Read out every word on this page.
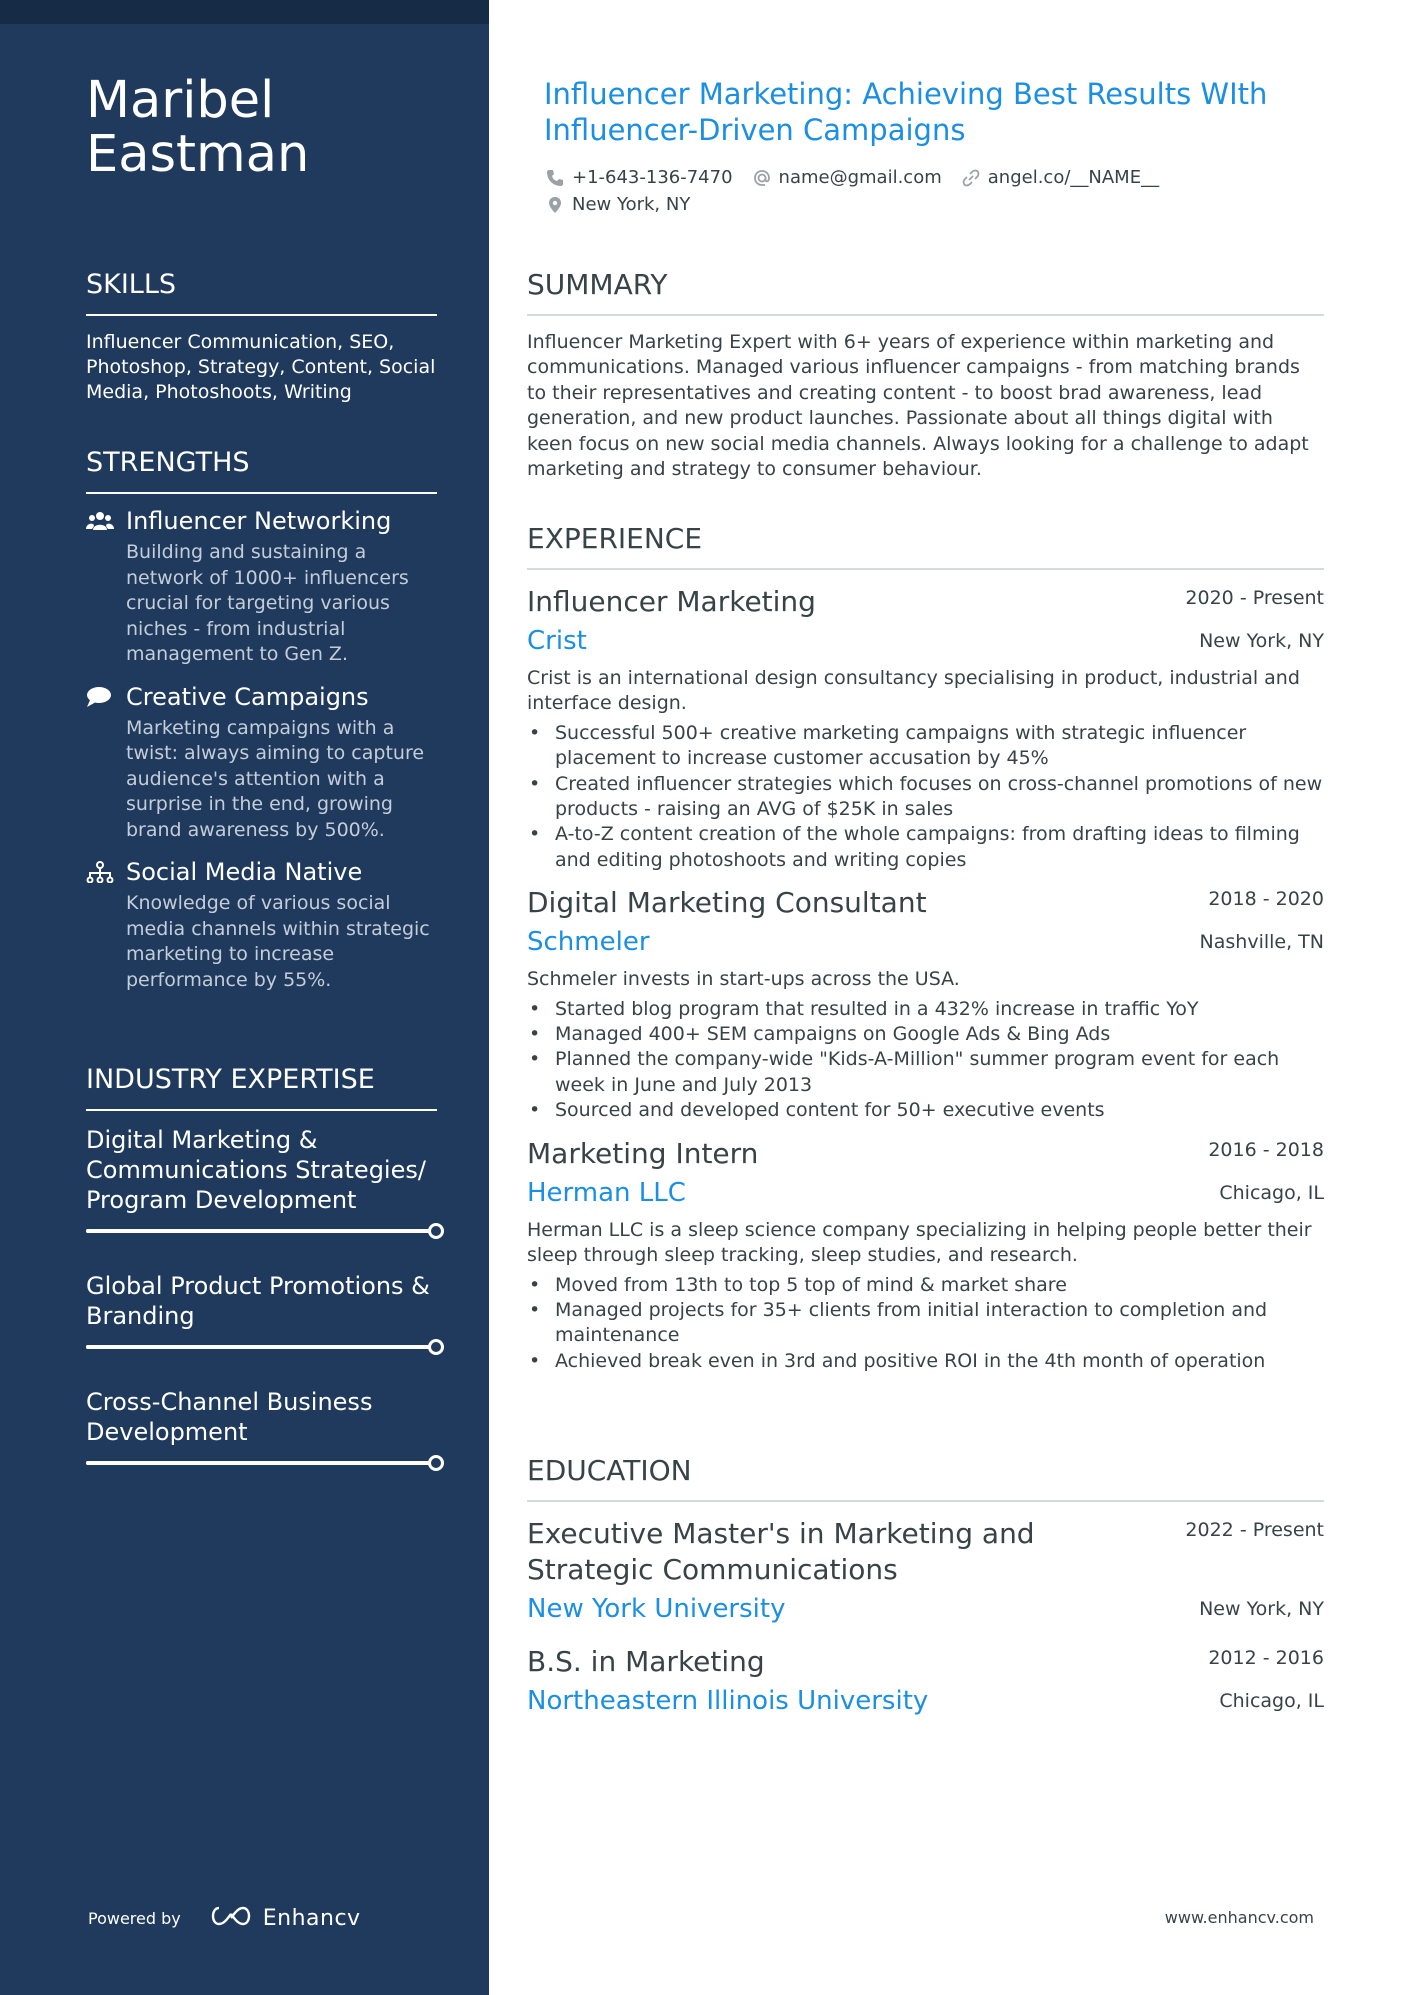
Maribel Eastman
SKILLS
Influencer Communication, SEO, Photoshop, Strategy, Content, Social Media, Photoshoots, Writing
STRENGTHS
Influencer Networking
Building and sustaining a network of 1000+ influencers crucial for targeting various niches - from industrial management to Gen Z.
Creative Campaigns
Marketing campaigns with a twist: always aiming to capture audience's attention with a surprise in the end, growing brand awareness by 500%.
Social Media Native
Knowledge of various social media channels within strategic marketing to increase performance by 55%.
INDUSTRY EXPERTISE
Digital Marketing & Communications Strategies/ Program Development
Global Product Promotions & Branding
Cross-Channel Business Development
Powered by	Enhancv
Influencer Marketing: Achieving Best Results WIth Influencer-Driven Campaigns
+1-643-136-7470	name@gmail.com	angel.co/__NAME__
New York, NY
SUMMARY
Influencer Marketing Expert with 6+ years of experience within marketing and communications. Managed various influencer campaigns - from matching brands to their representatives and creating content - to boost brad awareness, lead generation, and new product launches. Passionate about all things digital with keen focus on new social media channels. Always looking for a challenge to adapt marketing and strategy to consumer behaviour.
EXPERIENCE
Influencer Marketing	2020 - Present
Crist	New York, NY
Crist is an international design consultancy specialising in product, industrial and interface design.
• Successful 500+ creative marketing campaigns with strategic influencer placement to increase customer accusation by 45%
• Created influencer strategies which focuses on cross-channel promotions of new products - raising an AVG of $25K in sales
• A-to-Z content creation of the whole campaigns: from drafting ideas to filming and editing photoshoots and writing copies
Digital Marketing Consultant	2018 - 2020
Schmeler	Nashville, TN
Schmeler invests in start-ups across the USA.
• Started blog program that resulted in a 432% increase in traffic YoY
• Managed 400+ SEM campaigns on Google Ads & Bing Ads
• Planned the company-wide "Kids-A-Million" summer program event for each week in June and July 2013
• Sourced and developed content for 50+ executive events
Marketing Intern	2016 - 2018
Herman LLC	Chicago, IL
Herman LLC is a sleep science company specializing in helping people better their sleep through sleep tracking, sleep studies, and research.
• Moved from 13th to top 5 top of mind & market share
• Managed projects for 35+ clients from initial interaction to completion and maintenance
• Achieved break even in 3rd and positive ROI in the 4th month of operation
EDUCATION
Executive Master's in Marketing and Strategic Communications
2022 - Present
New York University	New York, NY
B.S. in Marketing	2012 - 2016
Northeastern Illinois University	Chicago, IL
www.enhancv.com
